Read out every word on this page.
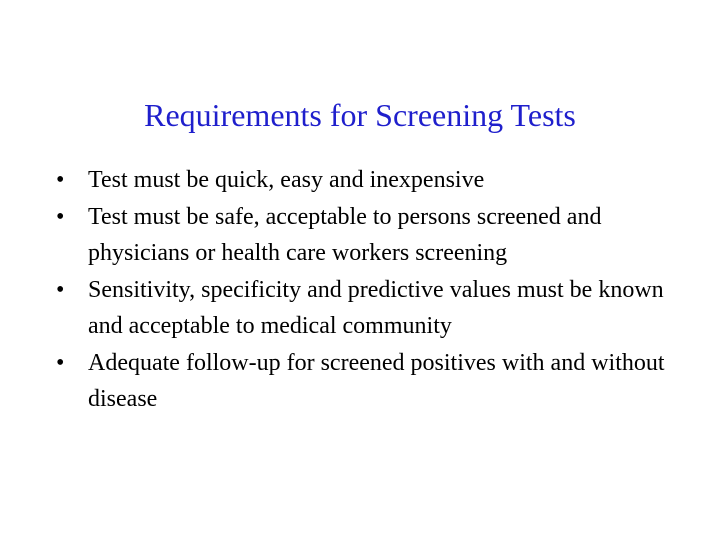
Requirements for Screening Tests
• Test must be quick, easy and inexpensive
• Test must be safe, acceptable to persons screened and physicians or health care workers screening
• Sensitivity, specificity and predictive values must be known and acceptable to medical community
• Adequate follow-up for screened positives with and without disease
